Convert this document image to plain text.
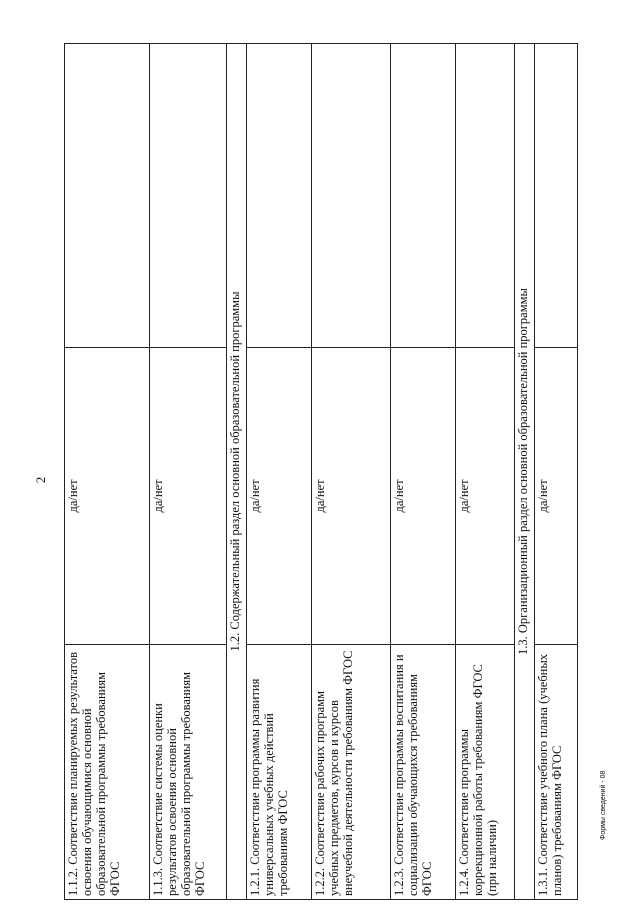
2
1.1.2. Соответствие планируемых результатов освоения обучающимися основной образовательной программы требованиям ФГОС	да/нет	
1.1.3. Соответствие системы оценки результатов освоения основной образовательной программы требованиям ФГОС	да/нет	
1.2. Содержательный раздел основной образовательной программы		
1.2.1. Соответствие программы развития универсальных учебных действий требованиям ФГОС	да/нет	
1.2.2. Соответствие рабочих программ учебных предметов, курсов и курсов внеучебной деятельности требованиям ФГОС	да/нет	
1.2.3. Соответствие программы воспитания и социализации обучающихся требованиям ФГОС	да/нет	
1.2.4. Соответствие программы коррекционной работы требованиям ФГОС (при наличии)	да/нет	
1.3. Организационный раздел основной образовательной программы		
1.3.1. Соответствие учебного плана (учебных планов) требованиям ФГОС	да/нет	
Формы сведений - 08
